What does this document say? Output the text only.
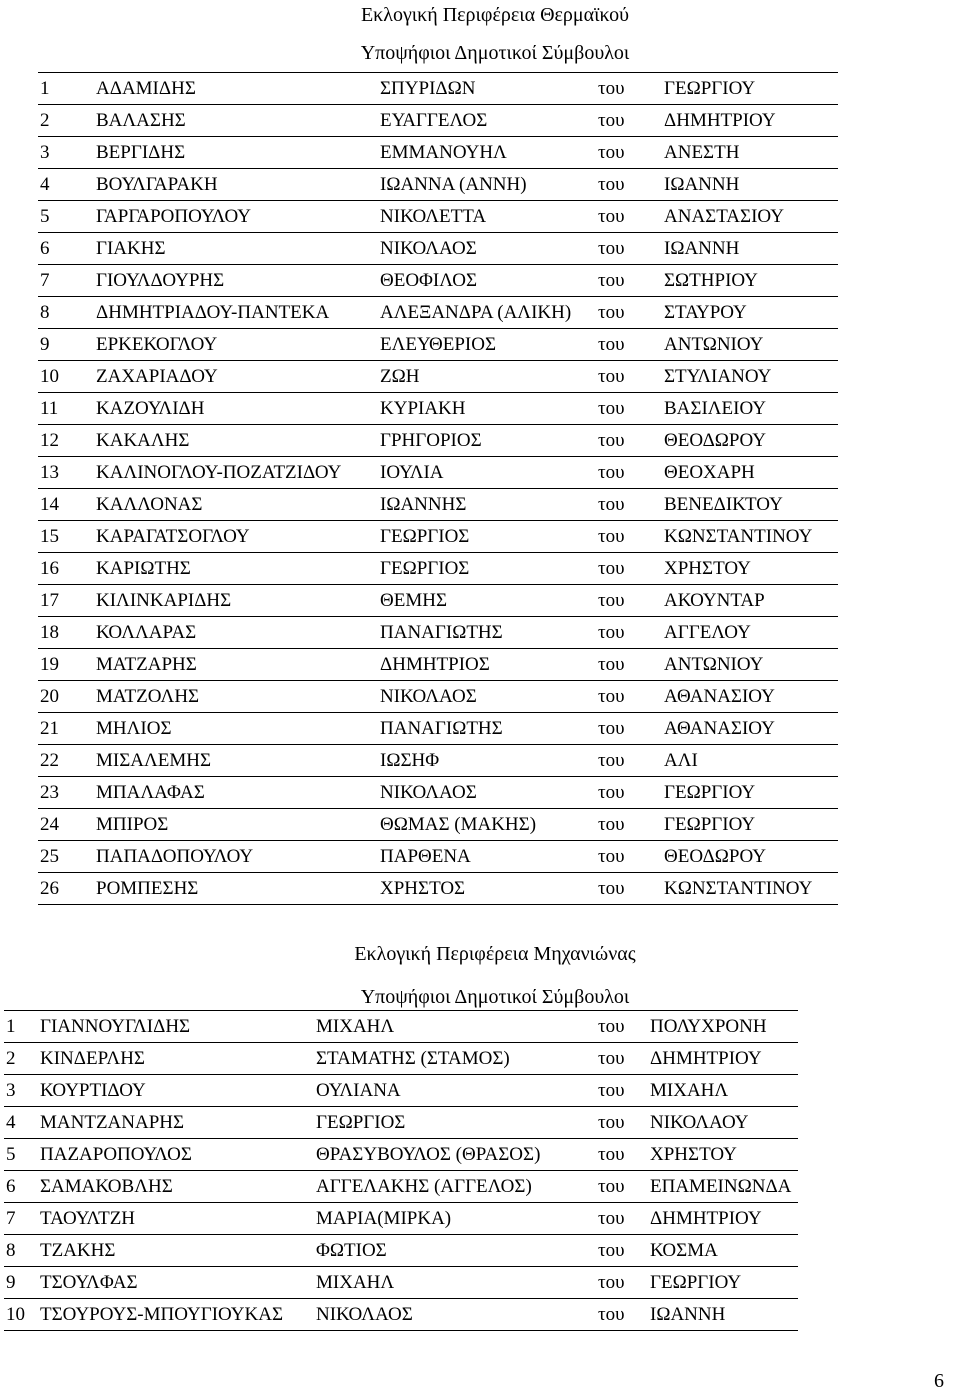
Εκλογική Περιφέρεια Θερμαϊκού
Υποψήφιοι Δημοτικοί Σύμβουλοι
1	ΑΔΑΜΙΔΗΣ	ΣΠΥΡΙΔΩΝ	του	ΓΕΩΡΓΙΟΥ
2	ΒΑΛΑΣΗΣ	ΕΥΑΓΓΕΛΟΣ	του	ΔΗΜΗΤΡΙΟΥ
3	ΒΕΡΓΙΔΗΣ	ΕΜΜΑΝΟΥΗΛ	του	ΑΝΕΣΤΗ
4	ΒΟΥΛΓΑΡΑΚΗ	ΙΩΑΝΝΑ (ΑΝΝΗ)	του	ΙΩΑΝΝΗ
5	ΓΑΡΓΑΡΟΠΟΥΛΟΥ	ΝΙΚΟΛΕΤΤΑ	του	ΑΝΑΣΤΑΣΙΟΥ
6	ΓΙΑΚΗΣ	ΝΙΚΟΛΑΟΣ	του	ΙΩΑΝΝΗ
7	ΓΙΟΥΛΔΟΥΡΗΣ	ΘΕΟΦΙΛΟΣ	του	ΣΩΤΗΡΙΟΥ
8	ΔΗΜΗΤΡΙΑΔΟΥ-ΠΑΝΤΕΚΑ	ΑΛΕΞΑΝΔΡΑ (ΑΛΙΚΗ)	του	ΣΤΑΥΡΟΥ
9	ΕΡΚΕΚΟΓΛΟΥ	ΕΛΕΥΘΕΡΙΟΣ	του	ΑΝΤΩΝΙΟΥ
10	ΖΑΧΑΡΙΑΔΟΥ	ΖΩΗ	του	ΣΤΥΛΙΑΝΟΥ
11	ΚΑΖΟΥΛΙΔΗ	ΚΥΡΙΑΚΗ	του	ΒΑΣΙΛΕΙΟΥ
12	ΚΑΚΑΛΗΣ	ΓΡΗΓΟΡΙΟΣ	του	ΘΕΟΔΩΡΟΥ
13	ΚΑΛΙΝΟΓΛΟΥ-ΠΟΖΑΤΖΙΔΟΥ	ΙΟΥΛΙΑ	του	ΘΕΟΧΑΡΗ
14	ΚΑΛΛΟΝΑΣ	ΙΩΑΝΝΗΣ	του	ΒΕΝΕΔΙΚΤΟΥ
15	ΚΑΡΑΓΑΤΣΟΓΛΟΥ	ΓΕΩΡΓΙΟΣ	του	ΚΩΝΣΤΑΝΤΙΝΟΥ
16	ΚΑΡΙΩΤΗΣ	ΓΕΩΡΓΙΟΣ	του	ΧΡΗΣΤΟΥ
17	ΚΙΛΙΝΚΑΡΙΔΗΣ	ΘΕΜΗΣ	του	ΑΚΟΥΝΤΑΡ
18	ΚΟΛΛΑΡΑΣ	ΠΑΝΑΓΙΩΤΗΣ	του	ΑΓΓΕΛΟΥ
19	ΜΑΤΖΑΡΗΣ	ΔΗΜΗΤΡΙΟΣ	του	ΑΝΤΩΝΙΟΥ
20	ΜΑΤΖΟΛΗΣ	ΝΙΚΟΛΑΟΣ	του	ΑΘΑΝΑΣΙΟΥ
21	ΜΗΛΙΟΣ	ΠΑΝΑΓΙΩΤΗΣ	του	ΑΘΑΝΑΣΙΟΥ
22	ΜΙΣΑΛΕΜΗΣ	ΙΩΣΗΦ	του	ΑΛΙ
23	ΜΠΑΛΑΦΑΣ	ΝΙΚΟΛΑΟΣ	του	ΓΕΩΡΓΙΟΥ
24	ΜΠΙΡΟΣ	ΘΩΜΑΣ (ΜΑΚΗΣ)	του	ΓΕΩΡΓΙΟΥ
25	ΠΑΠΑΔΟΠΟΥΛΟΥ	ΠΑΡΘΕΝΑ	του	ΘΕΟΔΩΡΟΥ
26	ΡΟΜΠΕΣΗΣ	ΧΡΗΣΤΟΣ	του	ΚΩΝΣΤΑΝΤΙΝΟΥ
Εκλογική Περιφέρεια Μηχανιώνας
Υποψήφιοι Δημοτικοί Σύμβουλοι
1	ΓΙΑΝΝΟΥΓΛΙΔΗΣ	ΜΙΧΑΗΛ	του	ΠΟΛΥΧΡΟΝΗ
2	ΚΙΝΔΕΡΛΗΣ	ΣΤΑΜΑΤΗΣ (ΣΤΑΜΟΣ)	του	ΔΗΜΗΤΡΙΟΥ
3	ΚΟΥΡΤΙΔΟΥ	ΟΥΛΙΑΝΑ	του	ΜΙΧΑΗΛ
4	ΜΑΝΤΖΑΝΑΡΗΣ	ΓΕΩΡΓΙΟΣ	του	ΝΙΚΟΛΑΟΥ
5	ΠΑΖΑΡΟΠΟΥΛΟΣ	ΘΡΑΣΥΒΟΥΛΟΣ (ΘΡΑΣΟΣ)	του	ΧΡΗΣΤΟΥ
6	ΣΑΜΑΚΟΒΛΗΣ	ΑΓΓΕΛΑΚΗΣ (ΑΓΓΕΛΟΣ)	του	ΕΠΑΜΕΙΝΩΝΔΑ
7	ΤΑΟΥΛΤΖΗ	ΜΑΡΙΑ(ΜΙΡΚΑ)	του	ΔΗΜΗΤΡΙΟΥ
8	ΤΖΑΚΗΣ	ΦΩΤΙΟΣ	του	ΚΟΣΜΑ
9	ΤΣΟΥΛΦΑΣ	ΜΙΧΑΗΛ	του	ΓΕΩΡΓΙΟΥ
10	ΤΣΟΥΡΟΥΣ-ΜΠΟΥΓΙΟΥΚΑΣ	ΝΙΚΟΛΑΟΣ	του	ΙΩΑΝΝΗ
6
